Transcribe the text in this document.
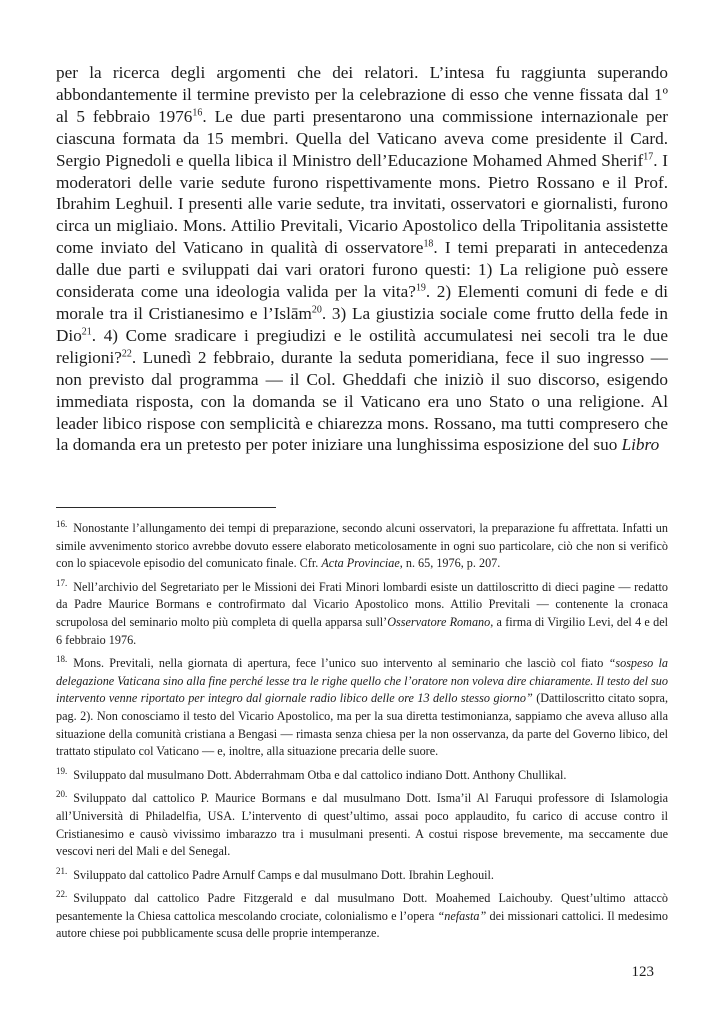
per la ricerca degli argomenti che dei relatori. L’intesa fu raggiunta superando abbondantemente il termine previsto per la celebrazione di esso che venne fissata dal 1º al 5 febbraio 1976$^{16}$. Le due parti presentarono una commissione internazionale per ciascuna formata da 15 membri. Quella del Vaticano aveva come presidente il Card. Sergio Pignedoli e quella libica il Ministro dell’Educazione Mohamed Ahmed Sherif$^{17}$. I moderatori delle varie sedute furono rispettivamente mons. Pietro Rossano e il Prof. Ibrahim Leghuil. I presenti alle varie sedute, tra invitati, osservatori e giornalisti, furono circa un migliaio. Mons. Attilio Previtali, Vicario Apostolico della Tripolitania assistette come inviato del Vaticano in qualità di osservatore$^{18}$. I temi preparati in antecedenza dalle due parti e sviluppati dai vari oratori furono questi: 1) La religione può essere considerata come una ideologia valida per la vita?$^{19}$. 2) Elementi comuni di fede e di morale tra il Cristianesimo e l’Islām$^{20}$. 3) La giustizia sociale come frutto della fede in Dio$^{21}$. 4) Come sradicare i pregiudizi e le ostilità accumulatesi nei secoli tra le due religioni?$^{22}$. Lunedì 2 febbraio, durante la seduta pomeridiana, fece il suo ingresso — non previsto dal programma — il Col. Gheddafi che iniziò il suo discorso, esigendo immediata risposta, con la domanda se il Vaticano era uno Stato o una religione. Al leader libico rispose con semplicità e chiarezza mons. Rossano, ma tutti compresero che la domanda era un pretesto per poter iniziare una lunghissima esposizione del suo Libro

$^{16.}$ Nonostante l’allungamento dei tempi di preparazione, secondo alcuni osservatori, la preparazione fu affrettata. Infatti un simile avvenimento storico avrebbe dovuto essere elaborato meticolosamente in ogni suo particolare, ciò che non si verificò con lo spiacevole episodio del comunicato finale. Cfr. Acta Provinciae, n. 65, 1976, p. 207.

$^{17.}$ Nell’archivio del Segretariato per le Missioni dei Frati Minori lombardi esiste un dattiloscritto di dieci pagine — redatto da Padre Maurice Bormans e controfirmato dal Vicario Apostolico mons. Attilio Previtali — contenente la cronaca scrupolosa del seminario molto più completa di quella apparsa sull’Osservatore Romano, a firma di Virgilio Levi, del 4 e del 6 febbraio 1976.

$^{18.}$ Mons. Previtali, nella giornata di apertura, fece l’unico suo intervento al seminario che lasciò col fiato “sospeso la delegazione Vaticana sino alla fine perché lesse tra le righe quello che l’oratore non voleva dire chiaramente. Il testo del suo intervento venne riportato per integro dal giornale radio libico delle ore 13 dello stesso giorno” (Dattiloscritto citato sopra, pag. 2). Non conosciamo il testo del Vicario Apostolico, ma per la sua diretta testimonianza, sappiamo che aveva alluso alla situazione della comunità cristiana a Bengasi — rimasta senza chiesa per la non osservanza, da parte del Governo libico, del trattato stipulato col Vaticano — e, inoltre, alla situazione precaria delle suore.

$^{19.}$ Sviluppato dal musulmano Dott. Abderrahmam Otba e dal cattolico indiano Dott. Anthony Chullikal.

$^{20.}$ Sviluppato dal cattolico P. Maurice Bormans e dal musulmano Dott. Isma’il Al Faruqui professore di Islamologia all’Università di Philadelfia, USA. L’intervento di quest’ultimo, assai poco applaudito, fu carico di accuse contro il Cristianesimo e causò vivissimo imbarazzo tra i musulmani presenti. A costui rispose brevemente, ma seccamente due vescovi neri del Mali e del Senegal.

$^{21.}$ Sviluppato dal cattolico Padre Arnulf Camps e dal musulmano Dott. Ibrahin Leghouil.

$^{22.}$ Sviluppato dal cattolico Padre Fitzgerald e dal musulmano Dott. Moahemed Laichouby. Quest’ultimo attaccò pesantemente la Chiesa cattolica mescolando crociate, colonialismo e l’opera “nefasta” dei missionari cattolici. Il medesimo autore chiese poi pubblicamente scusa delle proprie intemperanze.

123
